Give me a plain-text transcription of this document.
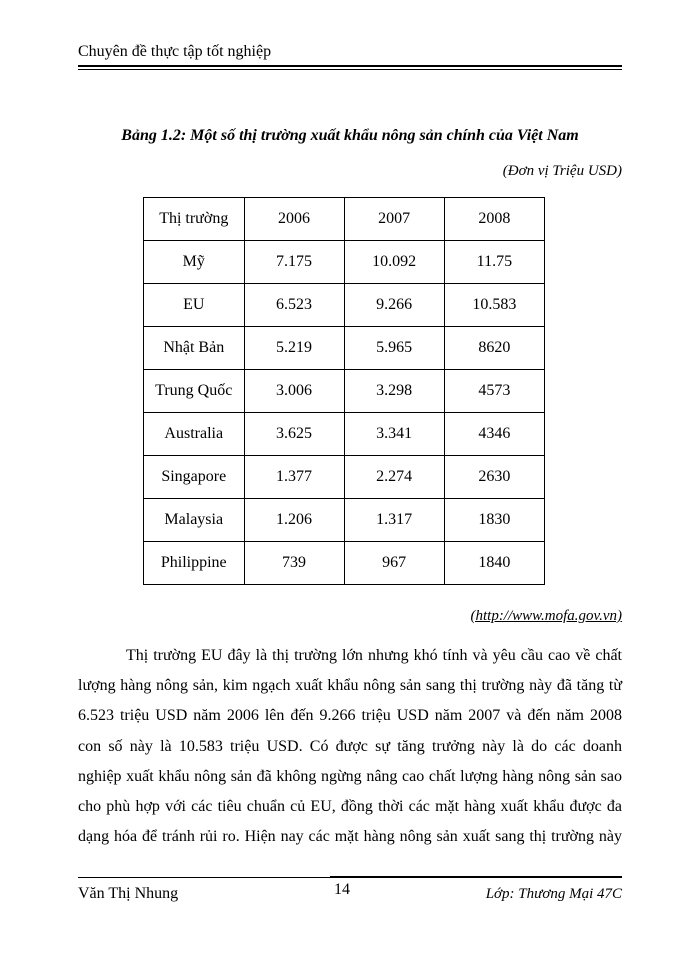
Chuyên đề thực tập tốt nghiệp
Bảng 1.2: Một số thị trường xuất khẩu nông sản chính của Việt Nam
(Đơn vị Triệu USD)
Thị trường	2006	2007	2008
Mỹ	7.175	10.092	11.75
EU	6.523	9.266	10.583
Nhật Bản	5.219	5.965	8620
Trung Quốc	3.006	3.298	4573
Australia	3.625	3.341	4346
Singapore	1.377	2.274	2630
Malaysia	1.206	1.317	1830
Philippine	739	967	1840
(http://www.mofa.gov.vn)
Thị trường EU đây là thị trường lớn nhưng khó tính và yêu cầu cao về chất
lượng hàng nông sản, kim ngạch xuất khẩu nông sản sang thị trường này đã tăng từ
6.523 triệu USD năm 2006 lên đến 9.266 triệu USD năm 2007 và đến năm 2008
con số này là 10.583 triệu USD. Có được sự tăng trưởng này là do các doanh
nghiệp xuất khẩu nông sản đã không ngừng nâng cao chất lượng hàng nông sản sao
cho phù hợp với các tiêu chuẩn củ EU, đồng thời các mặt hàng xuất khẩu được đa
dạng hóa để tránh rủi ro. Hiện nay các mặt hàng nông sản xuất sang thị trường này
Văn Thị Nhung	14	Lớp: Thương Mại 47C
